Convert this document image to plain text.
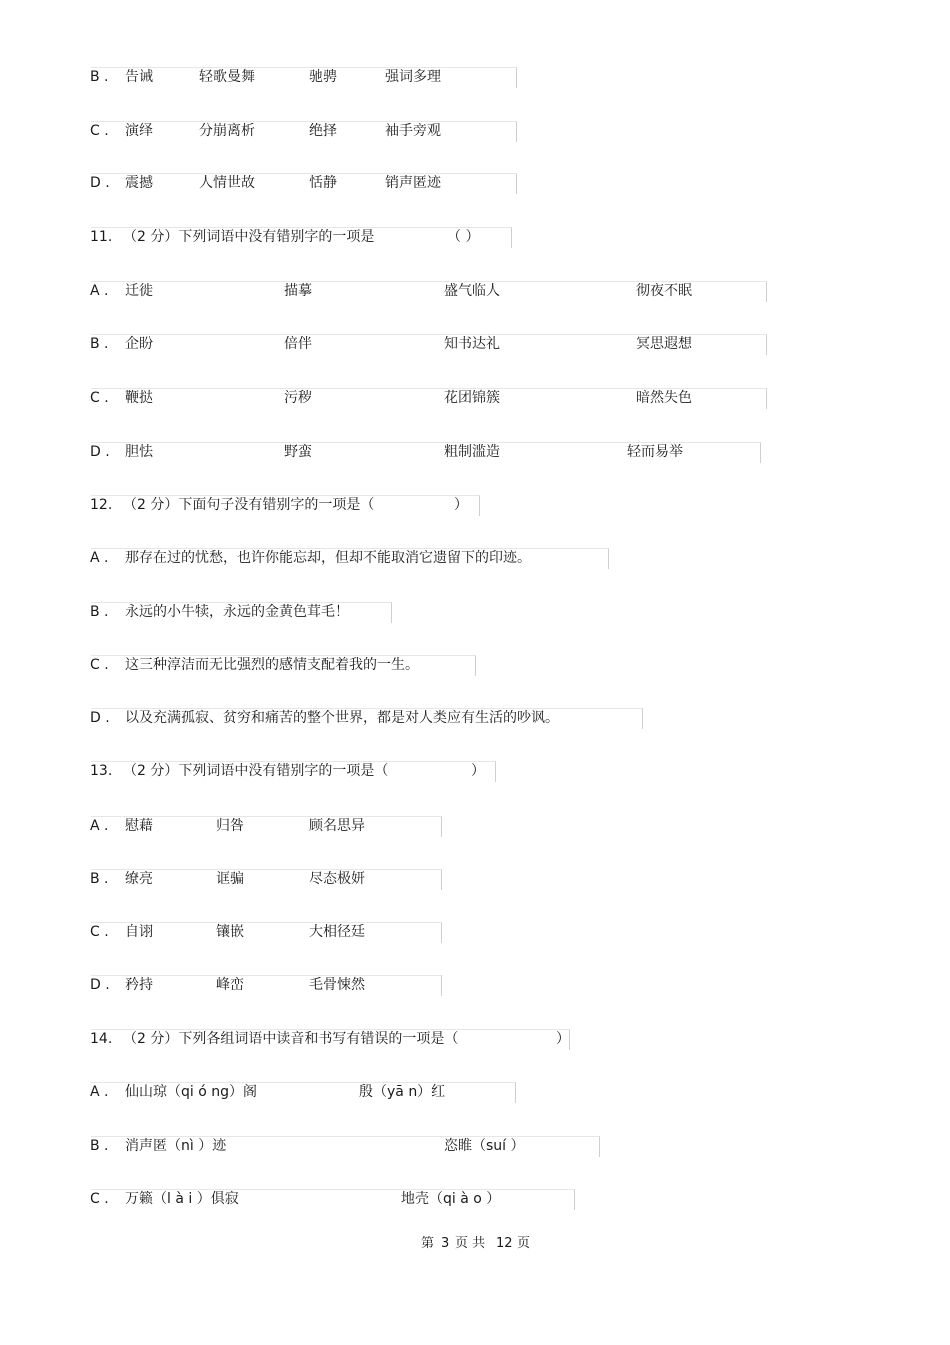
B . 告诫	轻歌曼舞	驰骋	强词多理
C . 演绎	分崩离析	绝择	袖手旁观
D . 震撼	人情世故	恬静	销声匿迹
11. （2 分）下列词语中没有错别字的一项是	（ ）
A . 迁徙	描摹	盛气临人	彻夜不眠
B . 企盼	倍伴	知书达礼	冥思遐想
C . 鞭挞	污秽	花团锦簇	暗然失色
D . 胆怯	野蛮	粗制滥造	轻而易举
12. （2 分）下面句子没有错别字的一项是（	）
A . 那存在过的忧愁，也许你能忘却，但却不能取消它遗留下的印迹。
B . 永远的小牛犊，永远的金黄色茸毛！
C . 这三种淳洁而无比强烈的感情支配着我的一生。
D . 以及充满孤寂、贫穷和痛苦的整个世界，都是对人类应有生活的吵讽。
13. （2 分）下列词语中没有错别字的一项是（	）
A . 慰藉	归咎	顾名思异
B . 缭亮	诓骗	尽态极妍
C . 自诩	镶嵌	大相径廷
D . 矜持	峰峦	毛骨悚然
14. （2 分）下列各组词语中读音和书写有错误的一项是（	）
A . 仙山琼（qi ó ng）阁	殷（yā n）红
B . 消声匿（nì ）迹	恣睢（suí ）
C . 万籁（l à i ）俱寂	地壳（qi à o ）
第 3 页 共 12 页
